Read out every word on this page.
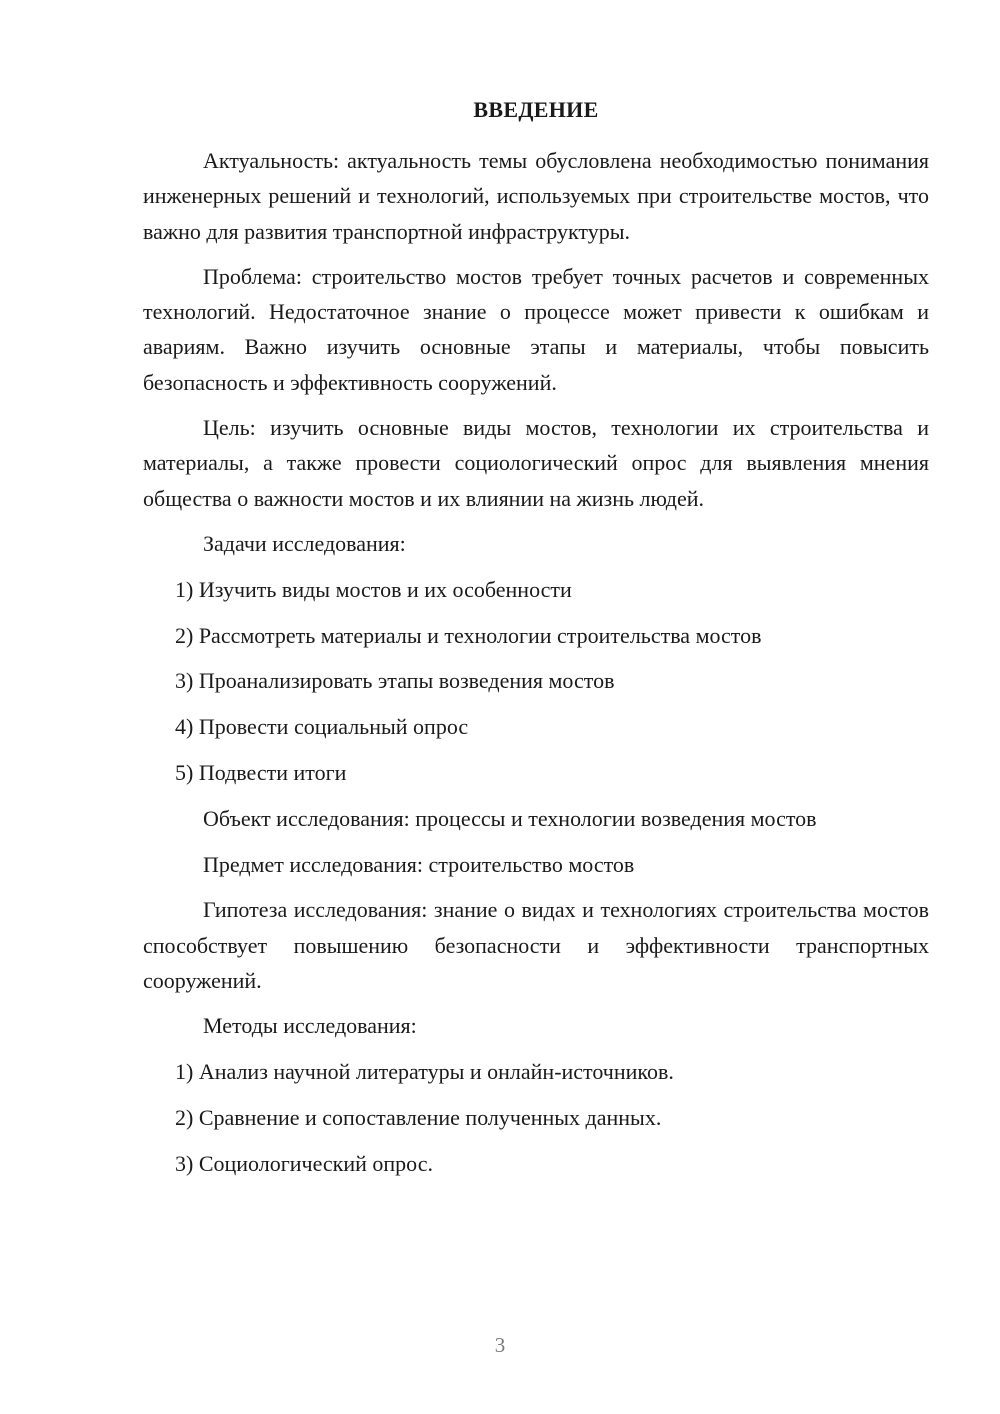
ВВЕДЕНИЕ

Актуальность: актуальность темы обусловлена необходимостью понимания инженерных решений и технологий, используемых при строительстве мостов, что важно для развития транспортной инфраструктуры.

Проблема: строительство мостов требует точных расчетов и современных технологий. Недостаточное знание о процессе может привести к ошибкам и авариям. Важно изучить основные этапы и материалы, чтобы повысить безопасность и эффективность сооружений.

Цель: изучить основные виды мостов, технологии их строительства и материалы, а также провести социологический опрос для выявления мнения общества о важности мостов и их влиянии на жизнь людей.

Задачи исследования:

1) Изучить виды мостов и их особенности

2) Рассмотреть материалы и технологии строительства мостов

3) Проанализировать этапы возведения мостов

4) Провести социальный опрос

5) Подвести итоги

Объект исследования: процессы и технологии возведения мостов

Предмет исследования: строительство мостов

Гипотеза исследования: знание о видах и технологиях строительства мостов способствует повышению безопасности и эффективности транспортных сооружений.

Методы исследования:

1) Анализ научной литературы и онлайн-источников.

2) Сравнение и сопоставление полученных данных.

3) Социологический опрос.

3
